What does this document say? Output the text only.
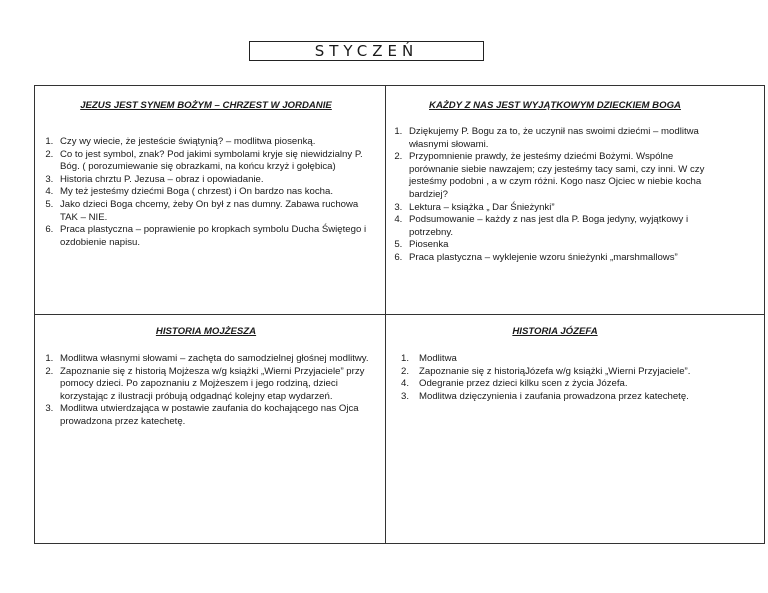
STYCZEŃ
JEZUS JEST SYNEM BOŻYM – CHRZEST W JORDANIE
1. Czy wy wiecie, że jesteście świątynią? – modlitwa piosenką.
2. Co to jest symbol, znak? Pod jakimi symbolami kryje się niewidzialny P. Bóg. ( porozumiewanie się obrazkami, na końcu krzyż i gołębica)
3. Historia chrztu P. Jezusa – obraz i opowiadanie.
4. My też jesteśmy dziećmi Boga ( chrzest) i On bardzo nas kocha.
5. Jako dzieci Boga chcemy, żeby On był z nas dumny. Zabawa ruchowa TAK – NIE.
6. Praca plastyczna – poprawienie po kropkach symbolu Ducha Świętego i ozdobienie napisu.
KAŻDY Z NAS JEST WYJĄTKOWYM DZIECKIEM BOGA
1. Dziękujemy P. Bogu za to, że uczynił nas swoimi dziećmi – modlitwa własnymi słowami.
2. Przypomnienie prawdy, że jesteśmy dziećmi Bożymi. Wspólne porównanie siebie nawzajem; czy jesteśmy tacy sami, czy inni. W czy jesteśmy podobni , a w czym różni. Kogo nasz Ojciec w niebie kocha bardziej?
3. Lektura – książka „ Dar Śnieżynki”
4. Podsumowanie – każdy z nas jest dla P. Boga jedyny, wyjątkowy i potrzebny.
5. Piosenka
6. Praca plastyczna – wyklejenie wzoru śnieżynki „marshmallows”
HISTORIA MOJŻESZA
1. Modlitwa własnymi słowami – zachęta do samodzielnej głośnej modlitwy.
2. Zapoznanie się z historią Mojżesza w/g książki „Wierni Przyjaciele” przy pomocy dzieci. Po zapoznaniu z Mojżeszem i jego rodziną, dzieci korzystając z ilustracji próbują odgadnąć kolejny etap wydarzeń.
3. Modlitwa utwierdzająca w postawie zaufania do kochającego nas Ojca prowadzona przez katechetę.
HISTORIA JÓZEFA
1.	Modlitwa
2.	Zapoznanie się z historiąJózefa w/g książki „Wierni Przyjaciele”.
4.	Odegranie przez dzieci kilku scen z życia Józefa.
3.	Modlitwa dzięczynienia i zaufania prowadzona przez katechetę.
